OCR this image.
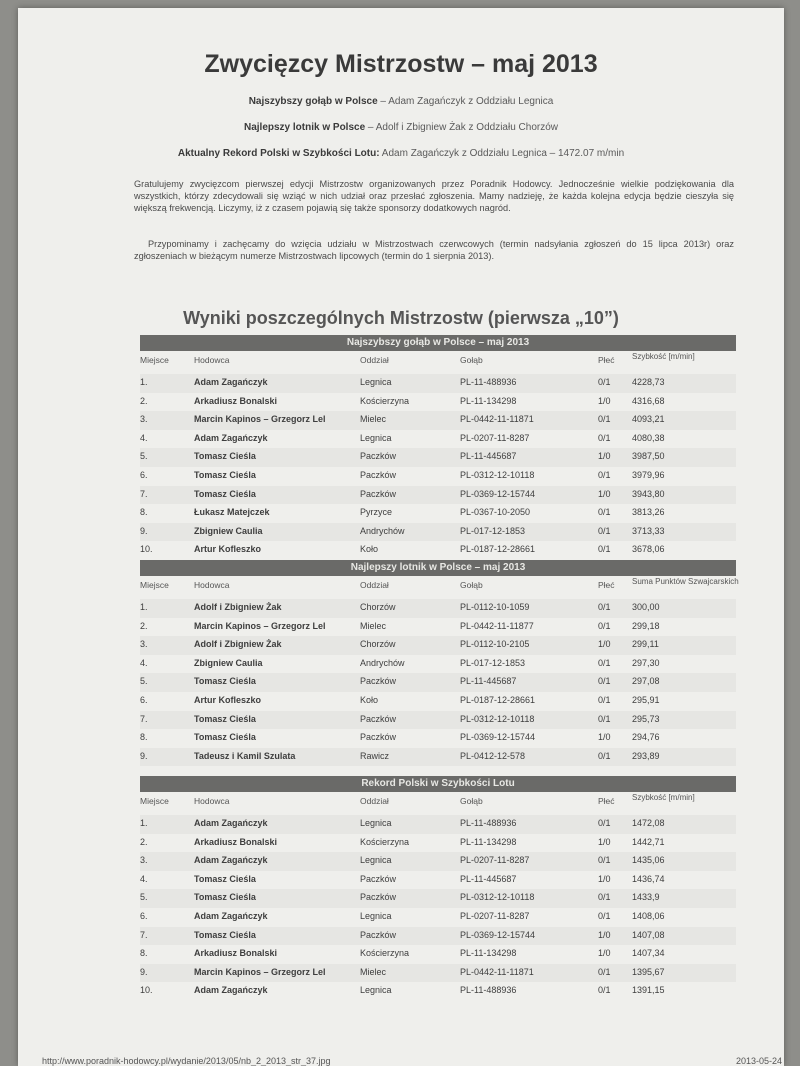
Zwycięzcy Mistrzostw – maj 2013
Najszybszy gołąb w Polsce – Adam Zagańczyk z Oddziału Legnica
Najlepszy lotnik w Polsce – Adolf i Zbigniew Żak z Oddziału Chorzów
Aktualny Rekord Polski w Szybkości Lotu: Adam Zagańczyk z Oddziału Legnica – 1472.07 m/min
Gratulujemy zwycięzcom pierwszej edycji Mistrzostw organizowanych przez Poradnik Hodowcy. Jednocześnie wielkie podziękowania dla wszystkich, którzy zdecydowali się wziąć w nich udział oraz przesłać zgłoszenia. Mamy nadzieję, że każda kolejna edycja będzie cieszyła się większą frekwencją. Liczymy, iż z czasem pojawią się także sponsorzy dodatkowych nagród.
Przypominamy i zachęcamy do wzięcia udziału w Mistrzostwach czerwcowych (termin nadsyłania zgłoszeń do 15 lipca 2013r) oraz zgłoszeniach w bieżącym numerze Mistrzostwach lipcowych (termin do 1 sierpnia 2013).
Wyniki poszczególnych Mistrzostw (pierwsza „10”)
Najszybszy gołąb w Polsce – maj 2013
Miejsce	Hodowca	Oddział	Gołąb	Płeć	Szybkość [m/min]
1.	Adam Zagańczyk	Legnica	PL-11-488936	0/1	4228,73
2.	Arkadiusz Bonalski	Kościerzyna	PL-11-134298	1/0	4316,68
3.	Marcin Kapinos – Grzegorz Lel	Mielec	PL-0442-11-11871	0/1	4093,21
4.	Adam Zagańczyk	Legnica	PL-0207-11-8287	0/1	4080,38
5.	Tomasz Cieśla	Paczków	PL-11-445687	1/0	3987,50
6.	Tomasz Cieśla	Paczków	PL-0312-12-10118	0/1	3979,96
7.	Tomasz Cieśla	Paczków	PL-0369-12-15744	1/0	3943,80
8.	Łukasz Matejczek	Pyrzyce	PL-0367-10-2050	0/1	3813,26
9.	Zbigniew Caulia	Andrychów	PL-017-12-1853	0/1	3713,33
10.	Artur Kofleszko	Koło	PL-0187-12-28661	0/1	3678,06
Najlepszy lotnik w Polsce – maj 2013
Miejsce	Hodowca	Oddział	Gołąb	Płeć	Suma Punktów Szwajcarskich
1.	Adolf i Zbigniew Żak	Chorzów	PL-0112-10-1059	0/1	300,00
2.	Marcin Kapinos – Grzegorz Lel	Mielec	PL-0442-11-11877	0/1	299,18
3.	Adolf i Zbigniew Żak	Chorzów	PL-0112-10-2105	1/0	299,11
4.	Zbigniew Caulia	Andrychów	PL-017-12-1853	0/1	297,30
5.	Tomasz Cieśla	Paczków	PL-11-445687	0/1	297,08
6.	Artur Kofleszko	Koło	PL-0187-12-28661	0/1	295,91
7.	Tomasz Cieśla	Paczków	PL-0312-12-10118	0/1	295,73
8.	Tomasz Cieśla	Paczków	PL-0369-12-15744	1/0	294,76
9.	Tadeusz i Kamil Szulata	Rawicz	PL-0412-12-578	0/1	293,89
Rekord Polski w Szybkości Lotu
Miejsce	Hodowca	Oddział	Gołąb	Płeć	Szybkość [m/min]
1.	Adam Zagańczyk	Legnica	PL-11-488936	0/1	1472,08
2.	Arkadiusz Bonalski	Kościerzyna	PL-11-134298	1/0	1442,71
3.	Adam Zagańczyk	Legnica	PL-0207-11-8287	0/1	1435,06
4.	Tomasz Cieśla	Paczków	PL-11-445687	1/0	1436,74
5.	Tomasz Cieśla	Paczków	PL-0312-12-10118	0/1	1433,9
6.	Adam Zagańczyk	Legnica	PL-0207-11-8287	0/1	1408,06
7.	Tomasz Cieśla	Paczków	PL-0369-12-15744	1/0	1407,08
8.	Arkadiusz Bonalski	Kościerzyna	PL-11-134298	1/0	1407,34
9.	Marcin Kapinos – Grzegorz Lel	Mielec	PL-0442-11-11871	0/1	1395,67
10.	Adam Zagańczyk	Legnica	PL-11-488936	0/1	1391,15
http://www.poradnik-hodowcy.pl/wydanie/2013/05/nb_2_2013_str_37.jpg	2013-05-24
